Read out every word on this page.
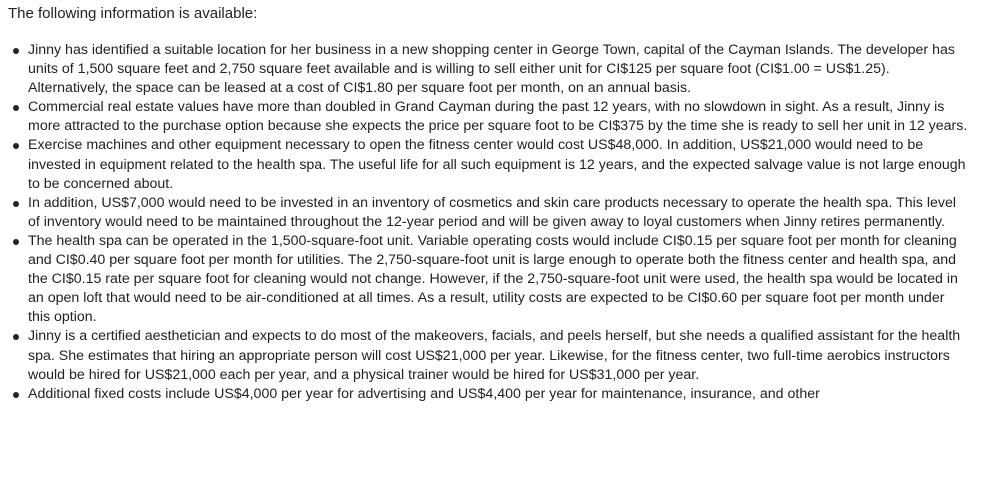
The following information is available:

Jinny has identified a suitable location for her business in a new shopping center in George Town, capital of the Cayman Islands. The developer has units of 1,500 square feet and 2,750 square feet available and is willing to sell either unit for CI$125 per square foot (CI$1.00 = US$1.25). Alternatively, the space can be leased at a cost of CI$1.80 per square foot per month, on an annual basis.
Commercial real estate values have more than doubled in Grand Cayman during the past 12 years, with no slowdown in sight. As a result, Jinny is more attracted to the purchase option because she expects the price per square foot to be CI$375 by the time she is ready to sell her unit in 12 years.
Exercise machines and other equipment necessary to open the fitness center would cost US$48,000. In addition, US$21,000 would need to be invested in equipment related to the health spa. The useful life for all such equipment is 12 years, and the expected salvage value is not large enough to be concerned about.
In addition, US$7,000 would need to be invested in an inventory of cosmetics and skin care products necessary to operate the health spa. This level of inventory would need to be maintained throughout the 12-year period and will be given away to loyal customers when Jinny retires permanently.
The health spa can be operated in the 1,500-square-foot unit. Variable operating costs would include CI$0.15 per square foot per month for cleaning and CI$0.40 per square foot per month for utilities. The 2,750-square-foot unit is large enough to operate both the fitness center and health spa, and the CI$0.15 rate per square foot for cleaning would not change. However, if the 2,750-square-foot unit were used, the health spa would be located in an open loft that would need to be air-conditioned at all times. As a result, utility costs are expected to be CI$0.60 per square foot per month under this option.
Jinny is a certified aesthetician and expects to do most of the makeovers, facials, and peels herself, but she needs a qualified assistant for the health spa. She estimates that hiring an appropriate person will cost US$21,000 per year. Likewise, for the fitness center, two full-time aerobics instructors would be hired for US$21,000 each per year, and a physical trainer would be hired for US$31,000 per year.
Additional fixed costs include US$4,000 per year for advertising and US$4,400 per year for maintenance, insurance, and other
